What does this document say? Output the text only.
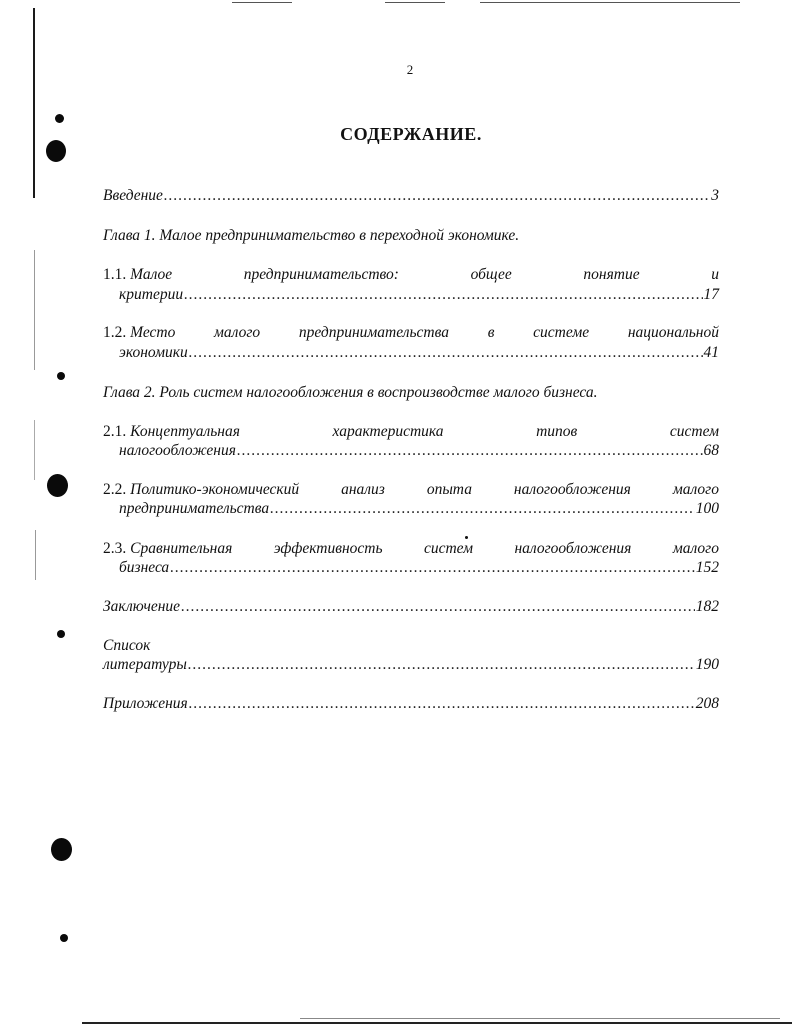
2
СОДЕРЖАНИЕ.
Введение .....	3
Глава 1. Малое предпринимательство в переходной экономике.
1.1. Малое	предпринимательство:	общее	понятие	и
критерии .....	17
1.2. Место малого предпринимательства в системе национальной
экономики .....	41
Глава 2. Роль систем налогообложения в воспроизводстве малого бизнеса.
2.1. Концептуальная	характеристика	типов	систем
налогообложения .....	68
2.2. Политико-экономический	анализ	опыта	налогообложения	малого
предпринимательства .....	100
2.3. Сравнительная	эффективность	систем	налогообложения	малого
бизнеса .....	152
Заключение .....	182
Список
литературы .....	190
Приложения .....	208
